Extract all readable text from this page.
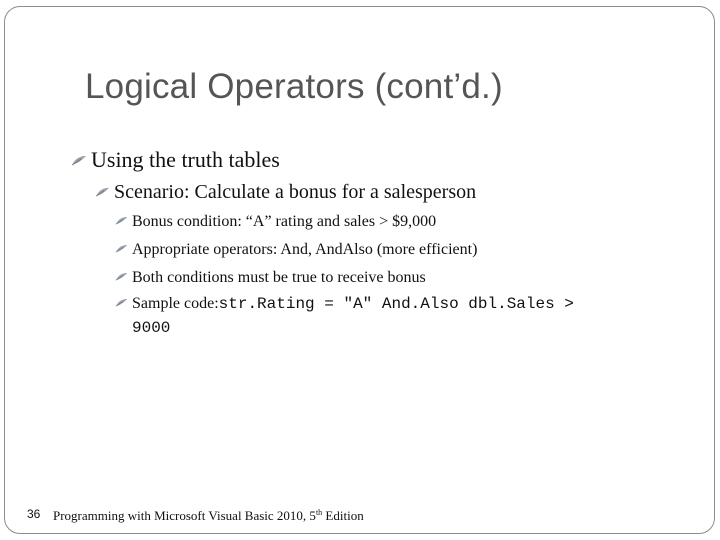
Logical Operators (cont’d.)
Using the truth tables
Scenario: Calculate a bonus for a salesperson
Bonus condition: “A” rating and sales > $9,000
Appropriate operators: And, AndAlso (more efficient)
Both conditions must be true to receive bonus
Sample code: str.Rating = "A" And.Also dbl.Sales >
9000
36 Programming with Microsoft Visual Basic 2010, 5th Edition
